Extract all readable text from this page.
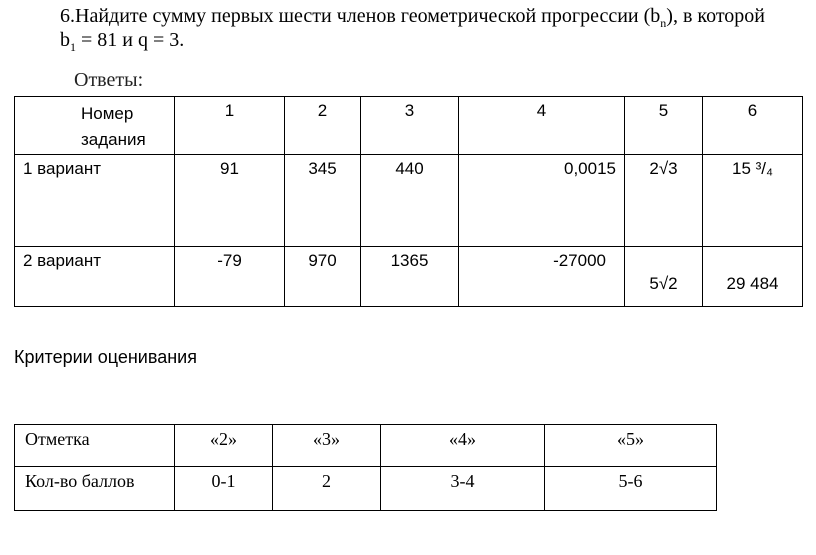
6.Найдите сумму первых шести членов геометрической прогрессии $(b_n)$, в которой
$b_1 = 81$ и q = 3.
Ответы:
Номер задания	1	2	3	4	5	6
1 вариант	91	345	440	0,0015	2√3	15 ³/₄
2 вариант	-79	970	1365	-27000	5√2	29 484
Критерии оценивания
Отметка	«2»	«3»	«4»	«5»
Кол-во баллов	0-1	2	3-4	5-6
